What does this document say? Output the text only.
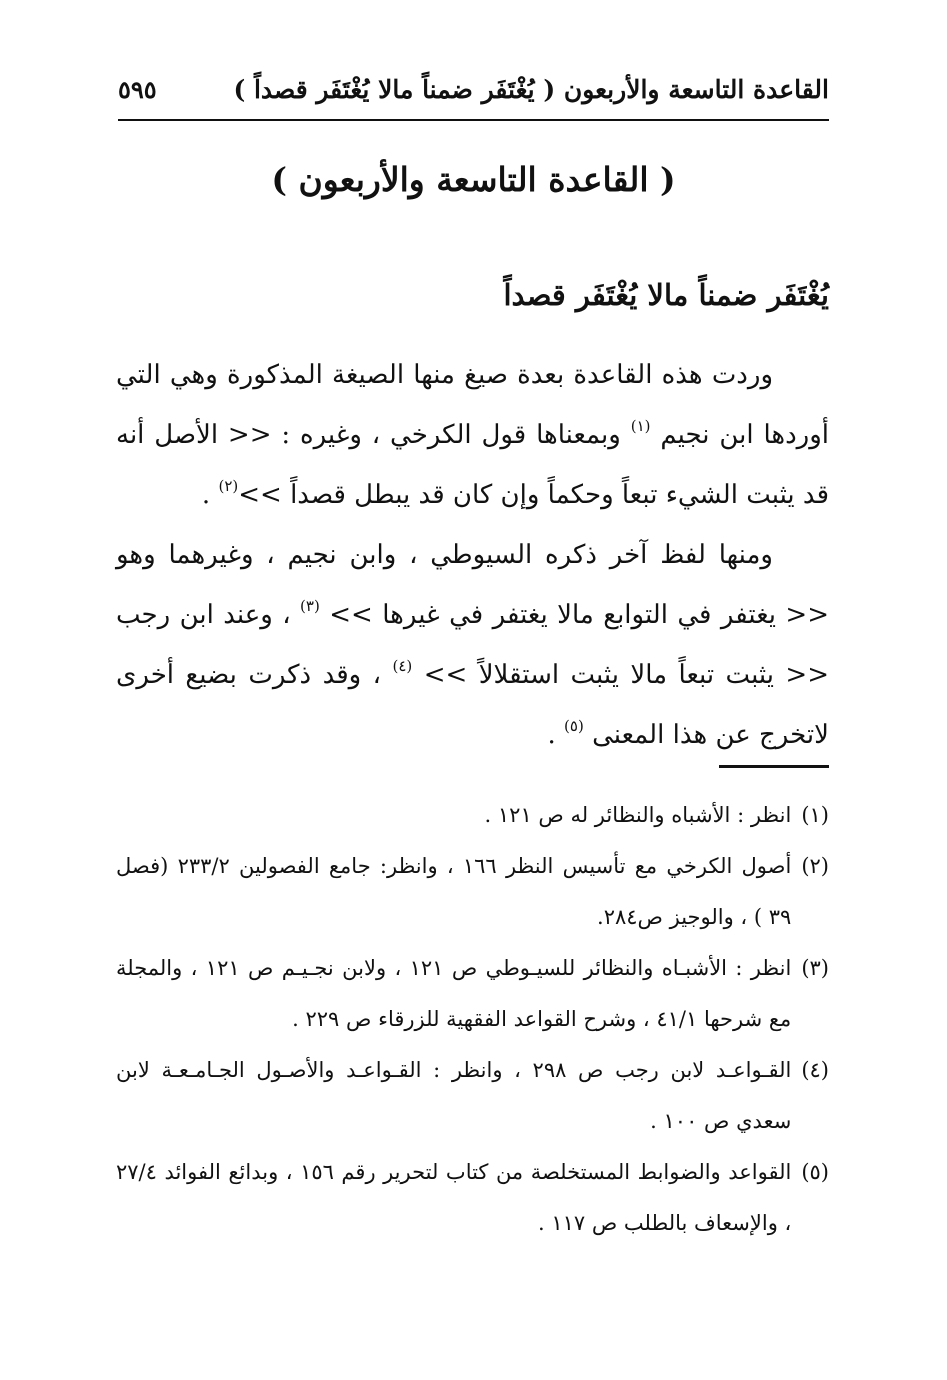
القاعدة التاسعة والأربعون ( يُغْتَفَر ضمناً مالا يُغْتَفَر قصداً )
٥٩٥
( القاعدة التاسعة والأربعون )
يُغْتَفَر ضمناً مالا يُغْتَفَر قصداً

وردت هذه القاعدة بعدة صيغ منها الصيغة المذكورة وهي التي أوردها ابن نجيم $^{(١)}$ وبمعناها قول الكرخي ، وغيره : << الأصل أنه قد يثبت الشيء تبعاً وحكماً وإن كان قد يبطل قصداً >>$^{(٢)}$ .

ومنها لفظ آخر ذكره السيوطي ، وابن نجيم ، وغيرهما وهو << يغتفر في التوابع مالا يغتفر في غيرها >> $^{(٣)}$ ، وعند ابن رجب << يثبت تبعاً مالا يثبت استقلالاً >> $^{(٤)}$ ، وقد ذكرت بضيع أخرى لاتخرج عن هذا المعنى $^{(٥)}$ .

(١)
انظر : الأشباه والنظائر له ص ١٢١ .
(٢)
أصول الكرخي مع تأسيس النظر ١٦٦ ، وانظر: جامع الفصولين ٢٣٣/٢ (فصل ٣٩ ) ، والوجيز ص٢٨٤.
(٣)
انظر : الأشبـاه والنظائر للسيـوطي ص ١٢١ ، ولابن نجـيـم ص ١٢١ ، والمجلة مع شرحها ٤١/١ ، وشرح القواعد الفقهية للزرقاء ص ٢٢٩ .
(٤)
القـواعـد لابن رجب ص ٢٩٨ ، وانظر : القـواعـد والأصـول الجـامـعـة لابن سعدي ص ١٠٠ .
(٥)
القواعد والضوابط المستخلصة من كتاب لتحرير رقم ١٥٦ ، وبدائع الفوائد ٢٧/٤ ، والإسعاف بالطلب ص ١١٧ .
